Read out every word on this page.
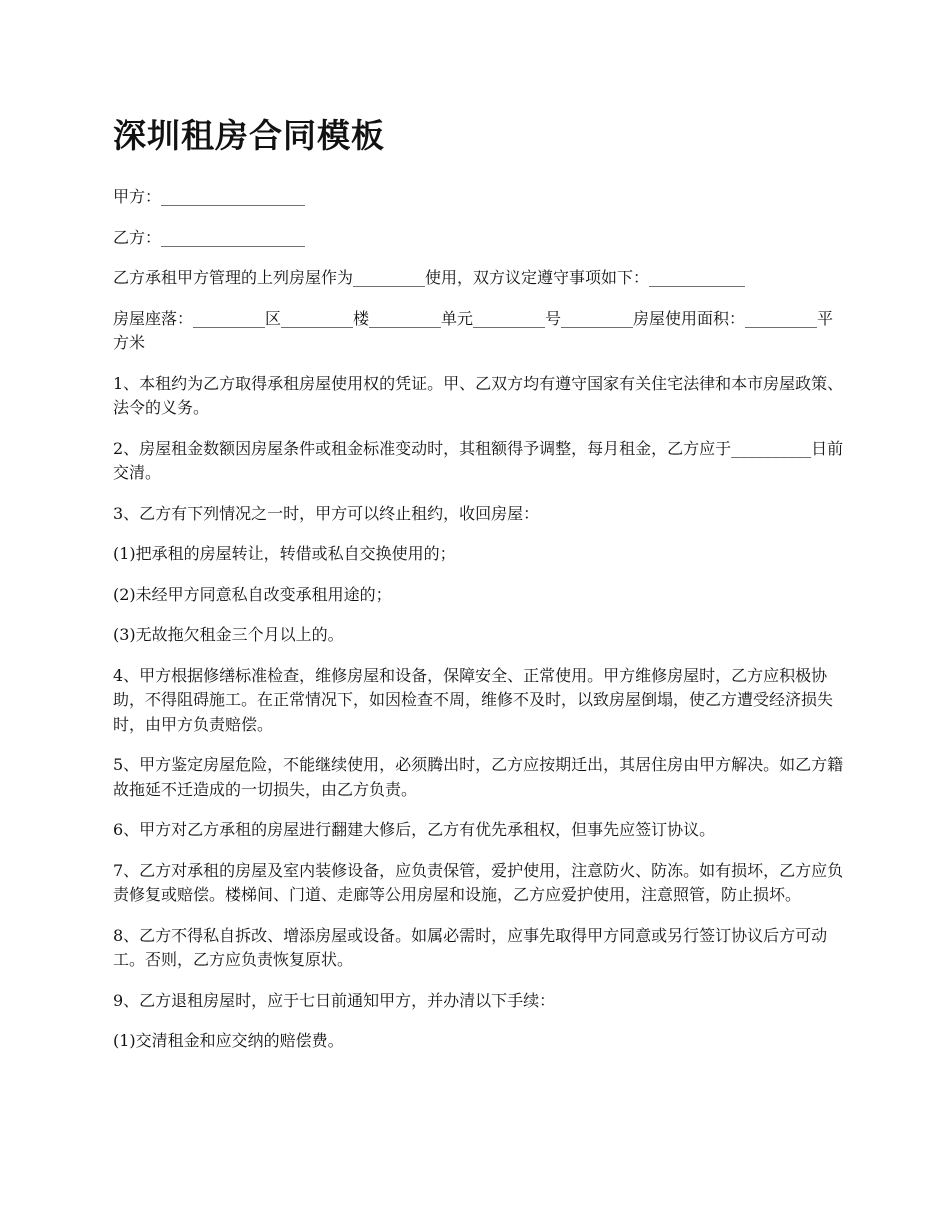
深圳租房合同模板

甲方：__________________

乙方：__________________

乙方承租甲方管理的上列房屋作为_________使用，双方议定遵守事项如下：____________

房屋座落：_________区_________楼_________单元_________号_________房屋使用面积：_________平方米

1、本租约为乙方取得承租房屋使用权的凭证。甲、乙双方均有遵守国家有关住宅法律和本市房屋政策、法令的义务。

2、房屋租金数额因房屋条件或租金标准变动时，其租额得予调整，每月租金，乙方应于__________日前交清。

3、乙方有下列情况之一时，甲方可以终止租约，收回房屋：

(1)把承租的房屋转让，转借或私自交换使用的；

(2)未经甲方同意私自改变承租用途的；

(3)无故拖欠租金三个月以上的。

4、甲方根据修缮标准检查，维修房屋和设备，保障安全、正常使用。甲方维修房屋时，乙方应积极协助，不得阻碍施工。在正常情况下，如因检查不周，维修不及时，以致房屋倒塌，使乙方遭受经济损失时，由甲方负责赔偿。

5、甲方鉴定房屋危险，不能继续使用，必须腾出时，乙方应按期迁出，其居住房由甲方解决。如乙方籍故拖延不迁造成的一切损失，由乙方负责。

6、甲方对乙方承租的房屋进行翻建大修后，乙方有优先承租权，但事先应签订协议。

7、乙方对承租的房屋及室内装修设备，应负责保管，爱护使用，注意防火、防冻。如有损坏，乙方应负责修复或赔偿。楼梯间、门道、走廊等公用房屋和设施，乙方应爱护使用，注意照管，防止损坏。

8、乙方不得私自拆改、增添房屋或设备。如属必需时，应事先取得甲方同意或另行签订协议后方可动工。否则，乙方应负责恢复原状。

9、乙方退租房屋时，应于七日前通知甲方，并办清以下手续：

(1)交清租金和应交纳的赔偿费。
